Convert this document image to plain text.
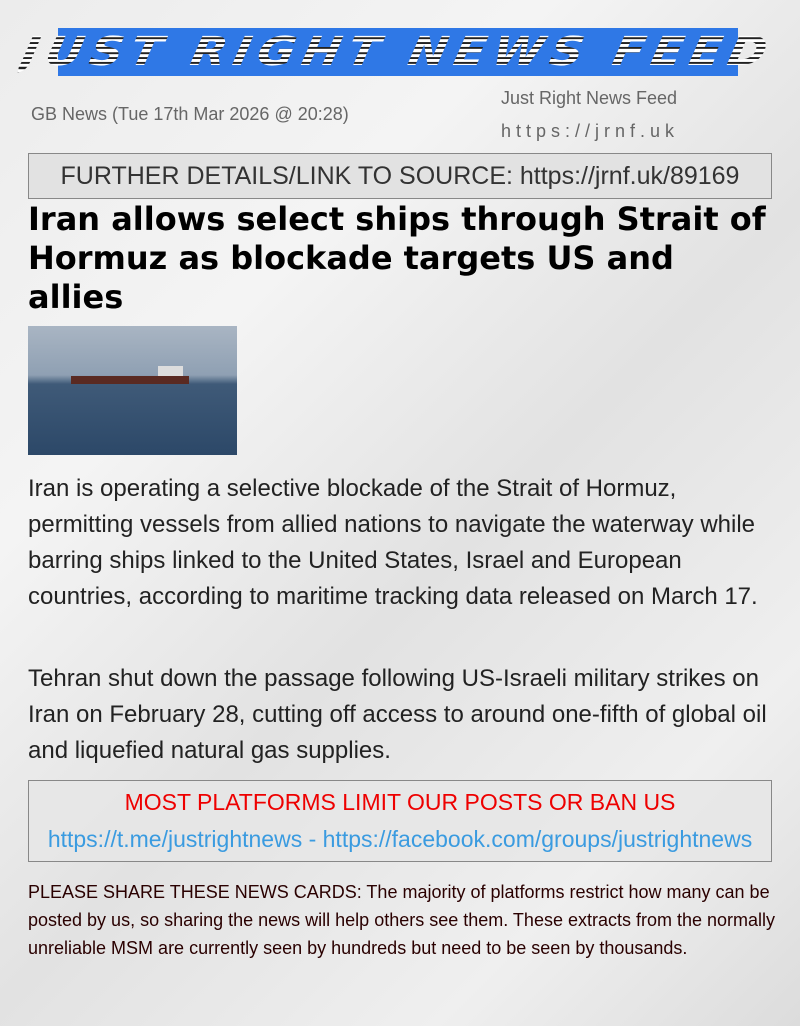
JUST RIGHT NEWS FEED
GB News (Tue 17th Mar 2026 @ 20:28)
Just Right News Feed
https://jrnf.uk
FURTHER DETAILS/LINK TO SOURCE: https://jrnf.uk/89169
Iran allows select ships through Strait of Hormuz as blockade targets US and allies

Iran is operating a selective blockade of the Strait of Hormuz, permitting vessels from allied nations to navigate the waterway while barring ships linked to the United States, Israel and European countries, according to maritime tracking data released on March 17.

Tehran shut down the passage following US-Israeli military strikes on Iran on February 28, cutting off access to around one-fifth of global oil and liquefied natural gas supplies.

MOST PLATFORMS LIMIT OUR POSTS OR BAN US
https://t.me/justrightnews - https://facebook.com/groups/justrightnews
PLEASE SHARE THESE NEWS CARDS: The majority of platforms restrict how many can be posted by us, so sharing the news will help others see them. These extracts from the normally unreliable MSM are currently seen by hundreds but need to be seen by thousands.
